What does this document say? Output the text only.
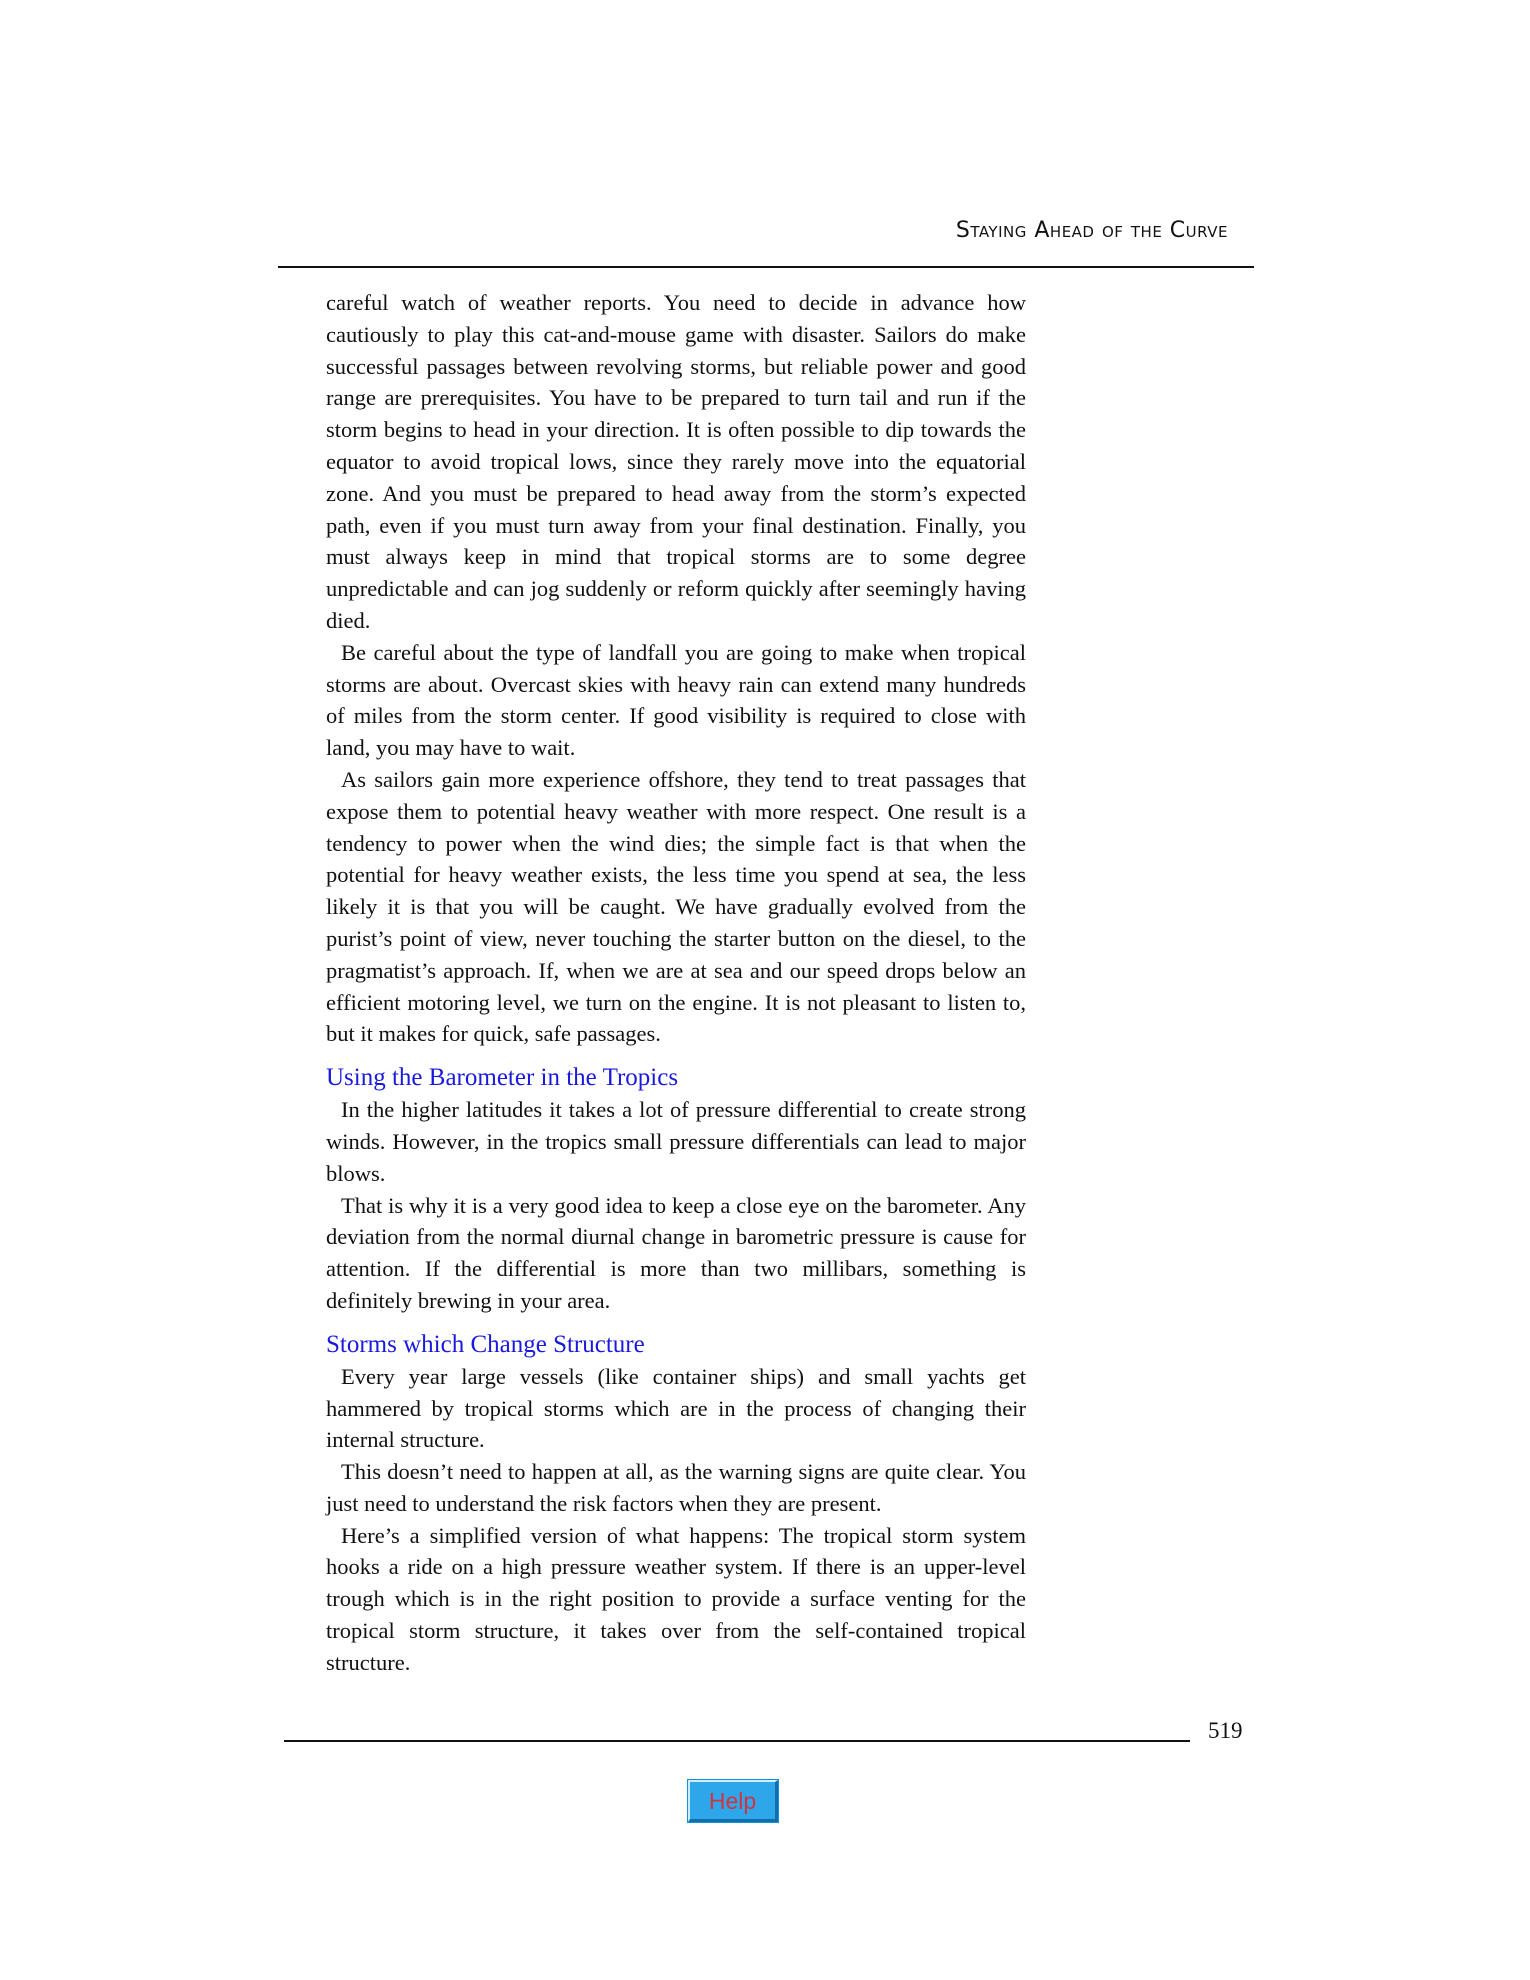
Staying Ahead of the Curve

careful watch of weather reports. You need to decide in advance how cautiously to play this cat-and-mouse game with disaster. Sailors do make successful passages between revolving storms, but reliable power and good range are prerequisites. You have to be prepared to turn tail and run if the storm begins to head in your direction. It is often possible to dip towards the equator to avoid tropical lows, since they rarely move into the equatorial zone. And you must be prepared to head away from the storm’s expected path, even if you must turn away from your final destination. Finally, you must always keep in mind that tropical storms are to some degree unpredictable and can jog suddenly or reform quickly after seemingly having died.

Be careful about the type of landfall you are going to make when tropical storms are about. Overcast skies with heavy rain can extend many hundreds of miles from the storm center. If good visibility is required to close with land, you may have to wait.

As sailors gain more experience offshore, they tend to treat passages that expose them to potential heavy weather with more respect. One result is a tendency to power when the wind dies; the simple fact is that when the potential for heavy weather exists, the less time you spend at sea, the less likely it is that you will be caught. We have gradually evolved from the purist’s point of view, never touching the starter button on the diesel, to the pragmatist’s approach. If, when we are at sea and our speed drops below an efficient motoring level, we turn on the engine. It is not pleasant to listen to, but it makes for quick, safe passages.

Using the Barometer in the Tropics

In the higher latitudes it takes a lot of pressure differential to create strong winds. However, in the tropics small pressure differentials can lead to major blows.

That is why it is a very good idea to keep a close eye on the barometer. Any deviation from the normal diurnal change in barometric pressure is cause for attention. If the differential is more than two millibars, something is definitely brewing in your area.

Storms which Change Structure

Every year large vessels (like container ships) and small yachts get hammered by tropical storms which are in the process of changing their internal structure.

This doesn’t need to happen at all, as the warning signs are quite clear. You just need to understand the risk factors when they are present.

Here’s a simplified version of what happens: The tropical storm system hooks a ride on a high pressure weather system. If there is an upper-level trough which is in the right position to provide a surface venting for the tropical storm structure, it takes over from the self-contained tropical structure.

519
Help
